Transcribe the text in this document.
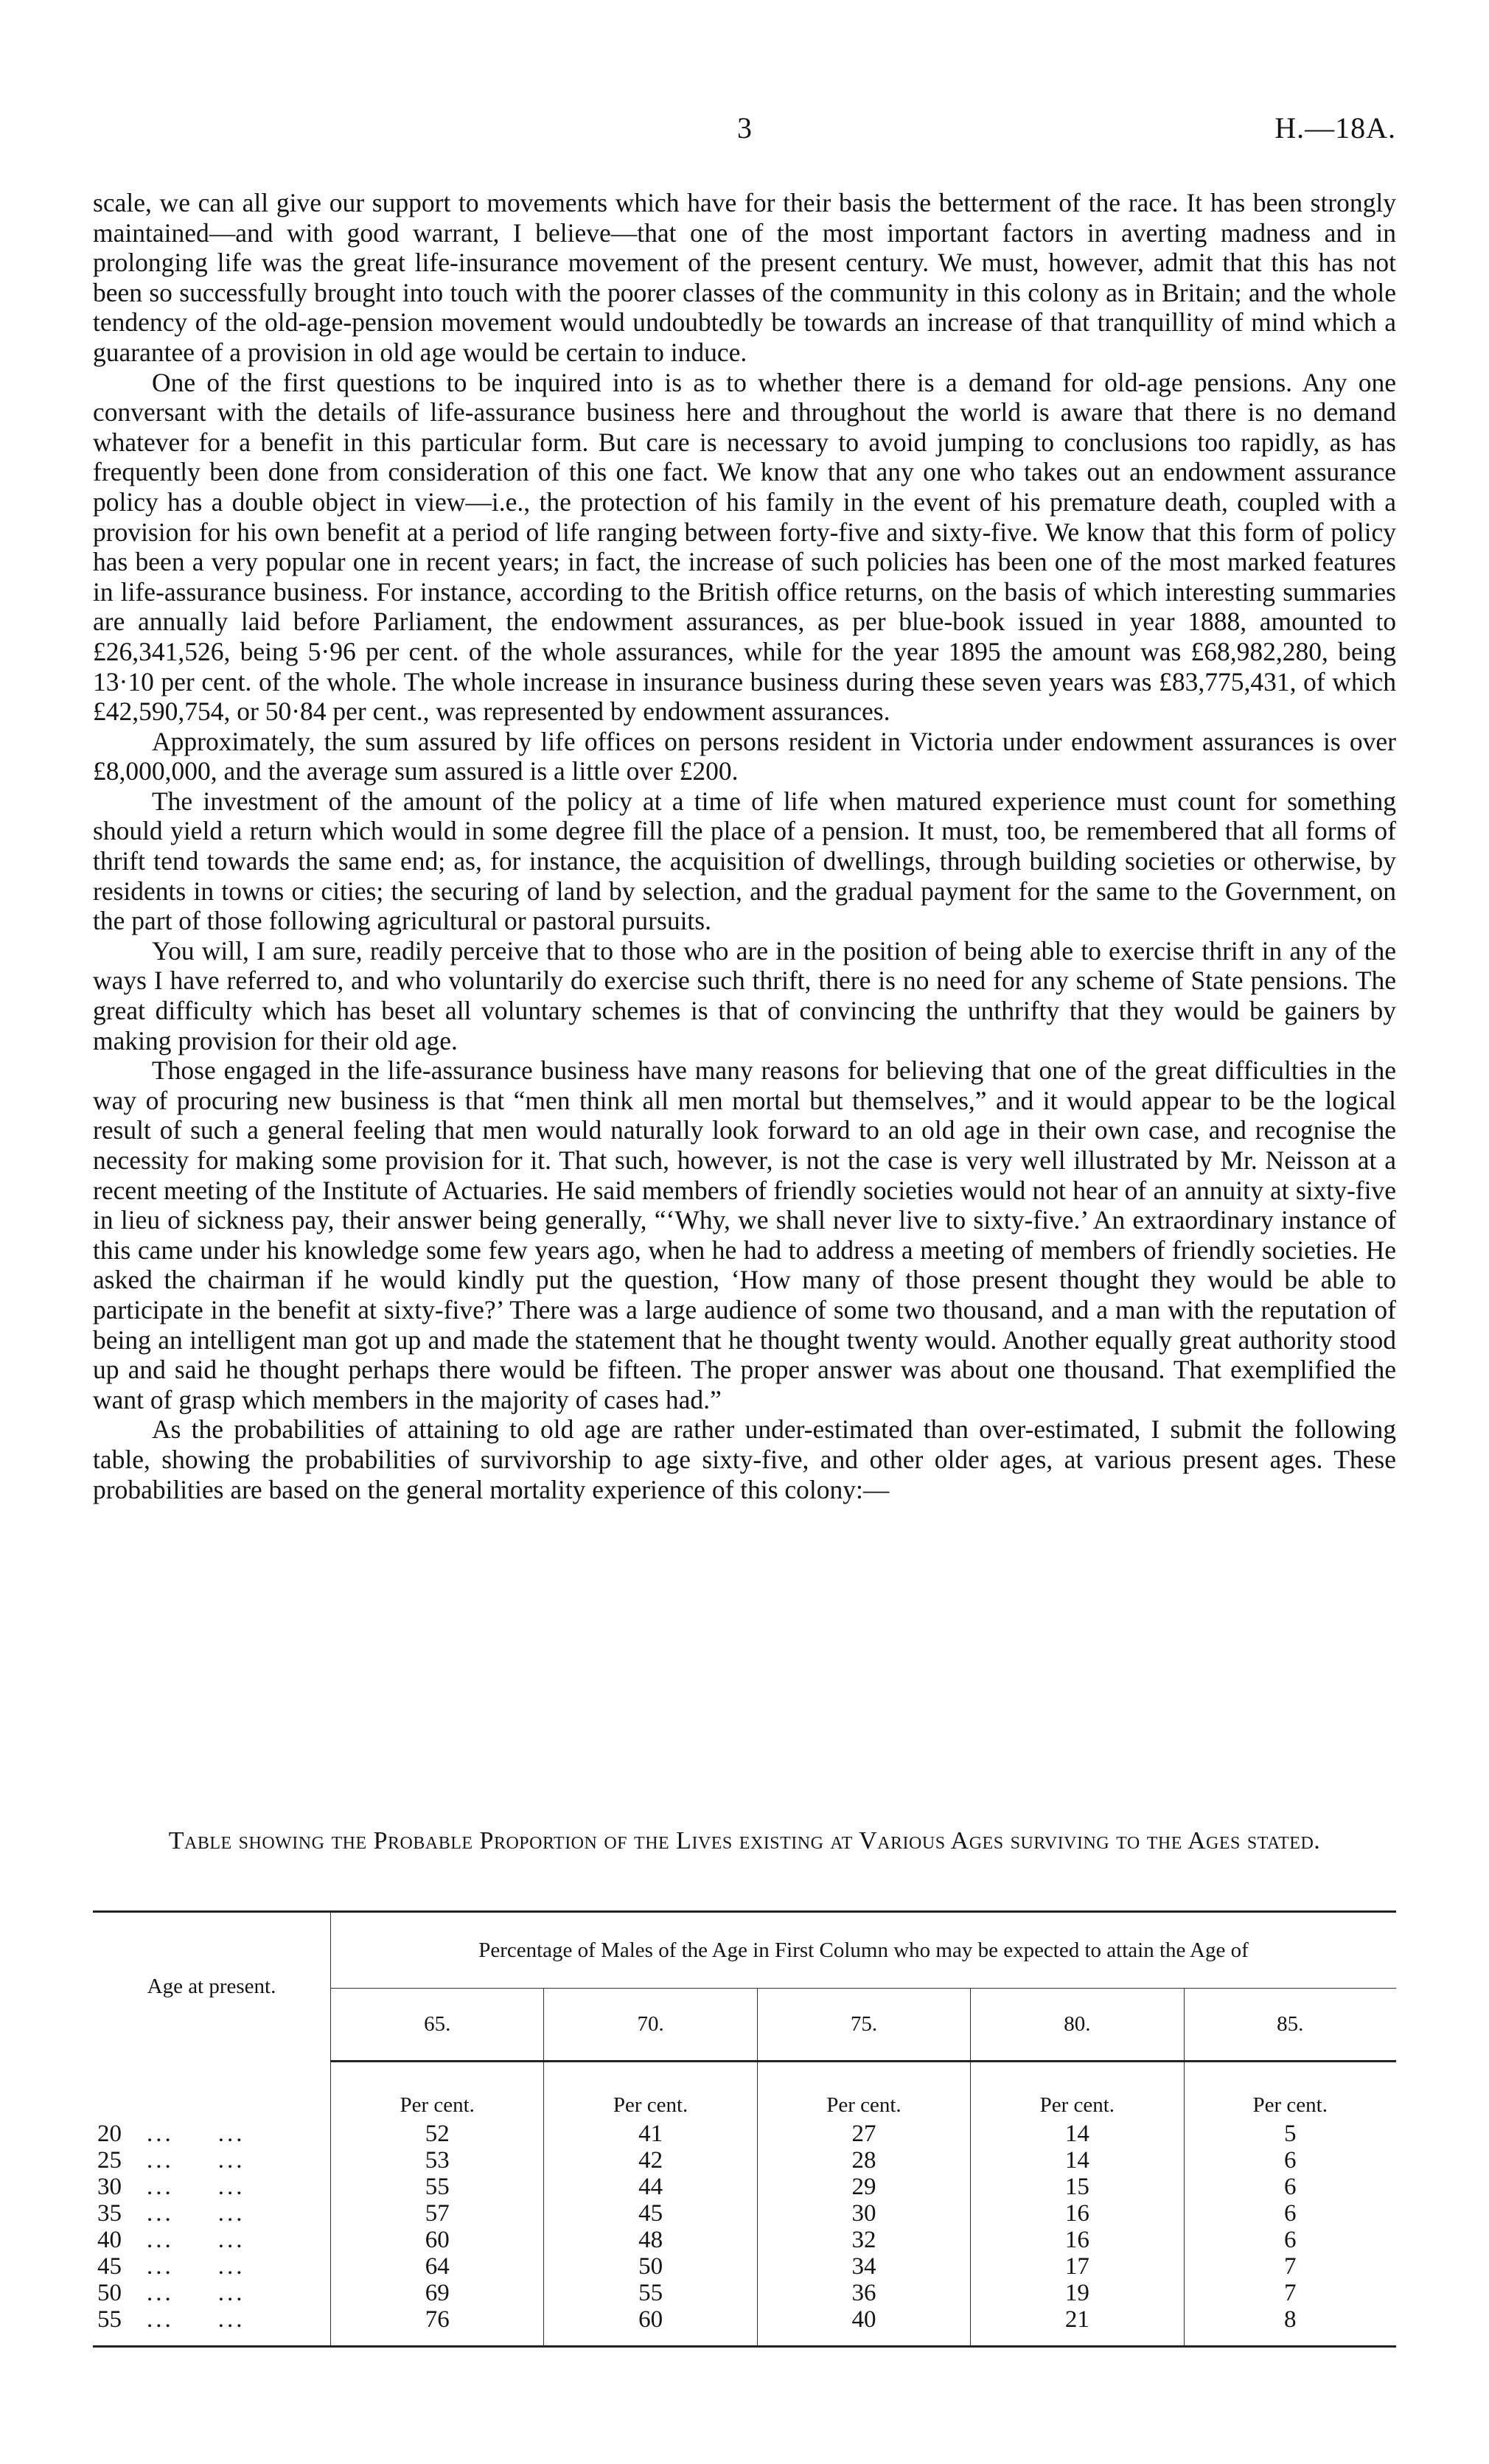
3	H.—18A.

scale, we can all give our support to movements which have for their basis the betterment of the race. It has been strongly maintained—and with good warrant, I believe—that one of the most important factors in averting madness and in prolonging life was the great life-insurance movement of the present century. We must, however, admit that this has not been so successfully brought into touch with the poorer classes of the community in this colony as in Britain; and the whole tendency of the old-age-pension movement would undoubtedly be towards an increase of that tranquillity of mind which a guarantee of a provision in old age would be certain to induce.

One of the first questions to be inquired into is as to whether there is a demand for old-age pensions. Any one conversant with the details of life-assurance business here and throughout the world is aware that there is no demand whatever for a benefit in this particular form. But care is necessary to avoid jumping to conclusions too rapidly, as has frequently been done from consideration of this one fact. We know that any one who takes out an endowment assurance policy has a double object in view—i.e., the protection of his family in the event of his premature death, coupled with a provision for his own benefit at a period of life ranging between forty-five and sixty-five. We know that this form of policy has been a very popular one in recent years; in fact, the increase of such policies has been one of the most marked features in life-assurance business. For instance, according to the British office returns, on the basis of which interesting summaries are annually laid before Parliament, the endowment assurances, as per blue-book issued in year 1888, amounted to £26,341,526, being 5·96 per cent. of the whole assurances, while for the year 1895 the amount was £68,982,280, being 13·10 per cent. of the whole. The whole increase in insurance business during these seven years was £83,775,431, of which £42,590,754, or 50·84 per cent., was represented by endowment assurances.

Approximately, the sum assured by life offices on persons resident in Victoria under endowment assurances is over £8,000,000, and the average sum assured is a little over £200.

The investment of the amount of the policy at a time of life when matured experience must count for something should yield a return which would in some degree fill the place of a pension. It must, too, be remembered that all forms of thrift tend towards the same end; as, for instance, the acquisition of dwellings, through building societies or otherwise, by residents in towns or cities; the securing of land by selection, and the gradual payment for the same to the Government, on the part of those following agricultural or pastoral pursuits.

You will, I am sure, readily perceive that to those who are in the position of being able to exercise thrift in any of the ways I have referred to, and who voluntarily do exercise such thrift, there is no need for any scheme of State pensions. The great difficulty which has beset all voluntary schemes is that of convincing the unthrifty that they would be gainers by making provision for their old age.

Those engaged in the life-assurance business have many reasons for believing that one of the great difficulties in the way of procuring new business is that “men think all men mortal but themselves,” and it would appear to be the logical result of such a general feeling that men would naturally look forward to an old age in their own case, and recognise the necessity for making some provision for it. That such, however, is not the case is very well illustrated by Mr. Neisson at a recent meeting of the Institute of Actuaries. He said members of friendly societies would not hear of an annuity at sixty-five in lieu of sickness pay, their answer being generally, “‘Why, we shall never live to sixty-five.’ An extraordinary instance of this came under his knowledge some few years ago, when he had to address a meeting of members of friendly societies. He asked the chairman if he would kindly put the question, ‘How many of those present thought they would be able to participate in the benefit at sixty-five?’ There was a large audience of some two thousand, and a man with the reputation of being an intelligent man got up and made the statement that he thought twenty would. Another equally great authority stood up and said he thought perhaps there would be fifteen. The proper answer was about one thousand. That exemplified the want of grasp which members in the majority of cases had.”

As the probabilities of attaining to old age are rather under-estimated than over-estimated, I submit the following table, showing the probabilities of survivorship to age sixty-five, and other older ages, at various present ages. These probabilities are based on the general mortality experience of this colony:—

Table showing the Probable Proportion of the Lives existing at Various Ages surviving to the Ages stated.
Age at present.	Percentage of Males of the Age in First Column who may be expected to attain the Age of				
	65.	70.	75.	80.	85.
	Per cent.	Per cent.	Per cent.	Per cent.	Per cent.
20 ... ...	52	41	27	14	5
25 ... ...	53	42	28	14	6
30 ... ...	55	44	29	15	6
35 ... ...	57	45	30	16	6
40 ... ...	60	48	32	16	6
45 ... ...	64	50	34	17	7
50 ... ...	69	55	36	19	7
55 ... ...	76	60	40	21	8
